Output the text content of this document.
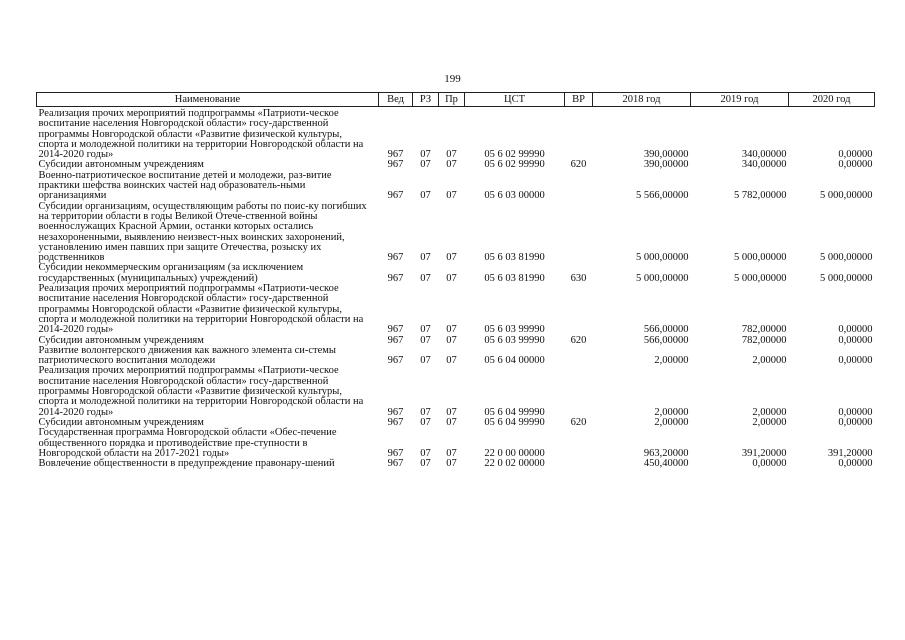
199
Наименование	Вед	РЗ	Пр	ЦСТ	ВР	2018 год	2019 год	2020 год
Реализация прочих мероприятий подпрограммы «Патриоти-ческое воспитание населения Новгородской области» госу-дарственной программы Новгородской области «Развитие физической культуры, спорта и молодежной политики на территории Новгородской области на 2014-2020 годы»	967	07	07	05 6 02 99990		390,00000	340,00000	0,00000
Субсидии автономным учреждениям	967	07	07	05 6 02 99990	620	390,00000	340,00000	0,00000
Военно-патриотическое воспитание детей и молодежи, раз-витие практики шефства воинских частей над образователь-ными организациями	967	07	07	05 6 03 00000		5 566,00000	5 782,00000	5 000,00000
Субсидии организациям, осуществляющим работы по поис-ку погибших на территории области в годы Великой Отече-ственной войны военнослужащих Красной Армии, останки которых остались незахороненными, выявлению неизвест-ных воинских захоронений, установлению имен павших при защите Отечества, розыску их родственников	967	07	07	05 6 03 81990		5 000,00000	5 000,00000	5 000,00000
Субсидии некоммерческим организациям (за исключением государственных (муниципальных) учреждений)	967	07	07	05 6 03 81990	630	5 000,00000	5 000,00000	5 000,00000
Реализация прочих мероприятий подпрограммы «Патриоти-ческое воспитание населения Новгородской области» госу-дарственной программы Новгородской области «Развитие физической культуры, спорта и молодежной политики на территории Новгородской области на 2014-2020 годы»	967	07	07	05 6 03 99990		566,00000	782,00000	0,00000
Субсидии автономным учреждениям	967	07	07	05 6 03 99990	620	566,00000	782,00000	0,00000
Развитие волонтерского движения как важного элемента си-стемы патриотического воспитания молодежи	967	07	07	05 6 04 00000		2,00000	2,00000	0,00000
Реализация прочих мероприятий подпрограммы «Патриоти-ческое воспитание населения Новгородской области» госу-дарственной программы Новгородской области «Развитие физической культуры, спорта и молодежной политики на территории Новгородской области на 2014-2020 годы»	967	07	07	05 6 04 99990		2,00000	2,00000	0,00000
Субсидии автономным учреждениям	967	07	07	05 6 04 99990	620	2,00000	2,00000	0,00000
Государственная программа Новгородской области «Обес-печение общественного порядка и противодействие пре-ступности в Новгородской области на 2017-2021 годы»	967	07	07	22 0 00 00000		963,20000	391,20000	391,20000
Вовлечение общественности в предупреждение правонару-шений	967	07	07	22 0 02 00000		450,40000	0,00000	0,00000
